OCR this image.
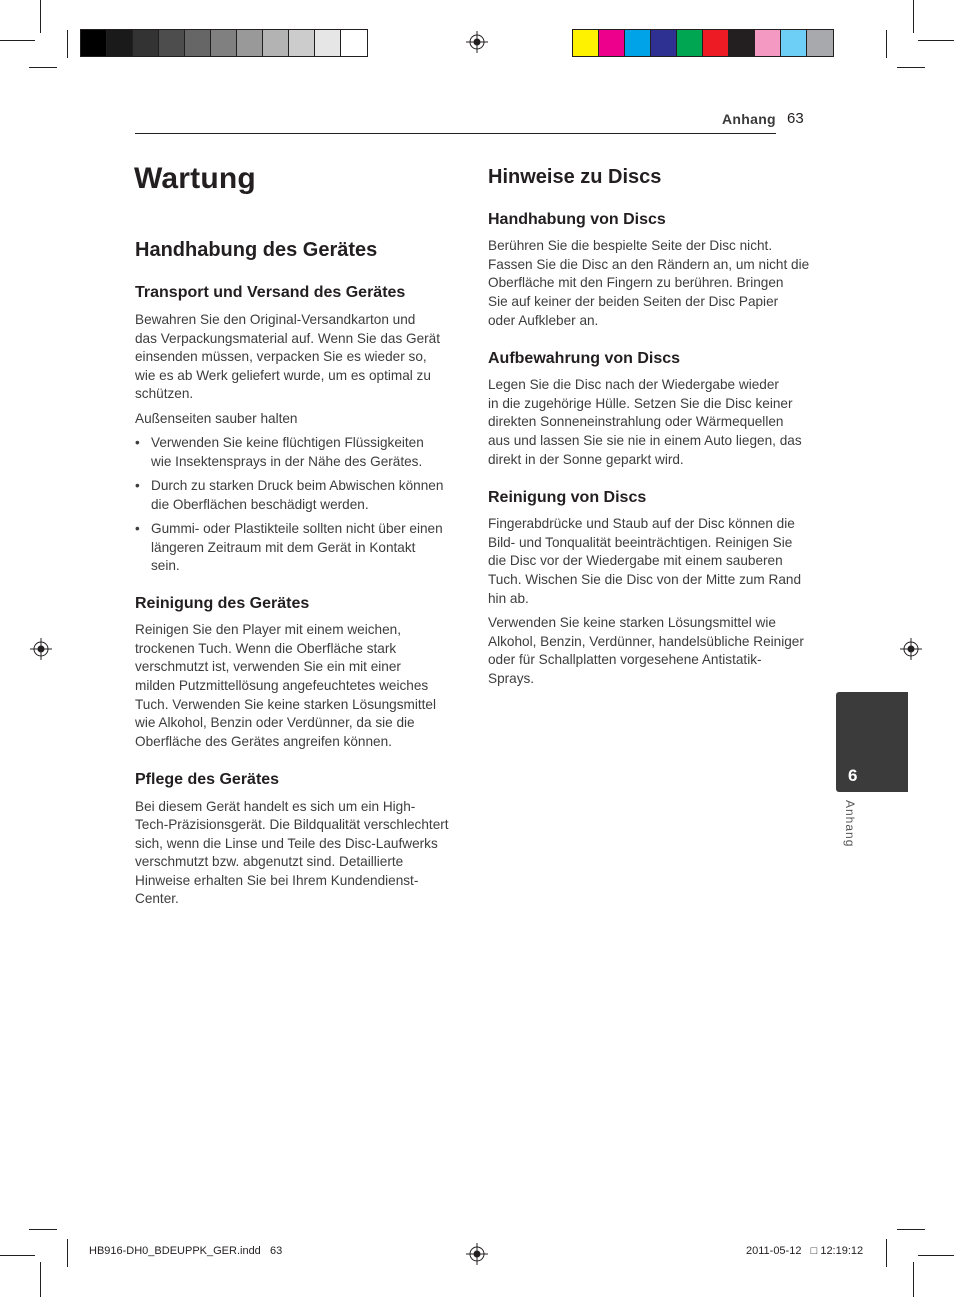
Anhang 63
Wartung
Handhabung des Gerätes
Transport und Versand des Gerätes
Bewahren Sie den Original-Versandkarton und
das Verpackungsmaterial auf. Wenn Sie das Gerät
einsenden müssen, verpacken Sie es wieder so,
wie es ab Werk geliefert wurde, um es optimal zu
schützen.
Außenseiten sauber halten
• Verwenden Sie keine flüchtigen Flüssigkeiten
wie Insektensprays in der Nähe des Gerätes.
• Durch zu starken Druck beim Abwischen können
die Oberflächen beschädigt werden.
• Gummi- oder Plastikteile sollten nicht über einen
längeren Zeitraum mit dem Gerät in Kontakt
sein.
Reinigung des Gerätes
Reinigen Sie den Player mit einem weichen,
trockenen Tuch. Wenn die Oberfläche stark
verschmutzt ist, verwenden Sie ein mit einer
milden Putzmittellösung angefeuchtetes weiches
Tuch. Verwenden Sie keine starken Lösungsmittel
wie Alkohol, Benzin oder Verdünner, da sie die
Oberfläche des Gerätes angreifen können.
Pflege des Gerätes
Bei diesem Gerät handelt es sich um ein High-
Tech-Präzisionsgerät. Die Bildqualität verschlechtert
sich, wenn die Linse und Teile des Disc-Laufwerks
verschmutzt bzw. abgenutzt sind. Detaillierte
Hinweise erhalten Sie bei Ihrem Kundendienst-
Center.
Hinweise zu Discs
Handhabung von Discs
Berühren Sie die bespielte Seite der Disc nicht.
Fassen Sie die Disc an den Rändern an, um nicht die
Oberfläche mit den Fingern zu berühren. Bringen
Sie auf keiner der beiden Seiten der Disc Papier
oder Aufkleber an.
Aufbewahrung von Discs
Legen Sie die Disc nach der Wiedergabe wieder
in die zugehörige Hülle. Setzen Sie die Disc keiner
direkten Sonneneinstrahlung oder Wärmequellen
aus und lassen Sie sie nie in einem Auto liegen, das
direkt in der Sonne geparkt wird.
Reinigung von Discs
Fingerabdrücke und Staub auf der Disc können die
Bild- und Tonqualität beeinträchtigen. Reinigen Sie
die Disc vor der Wiedergabe mit einem sauberen
Tuch. Wischen Sie die Disc von der Mitte zum Rand
hin ab.
Verwenden Sie keine starken Lösungsmittel wie
Alkohol, Benzin, Verdünner, handelsübliche Reiniger
oder für Schallplatten vorgesehene Antistatik-
Sprays.
6
Anhang
HB916-DH0_BDEUPPK_GER.indd   63	2011-05-12   □ 12:19:12
